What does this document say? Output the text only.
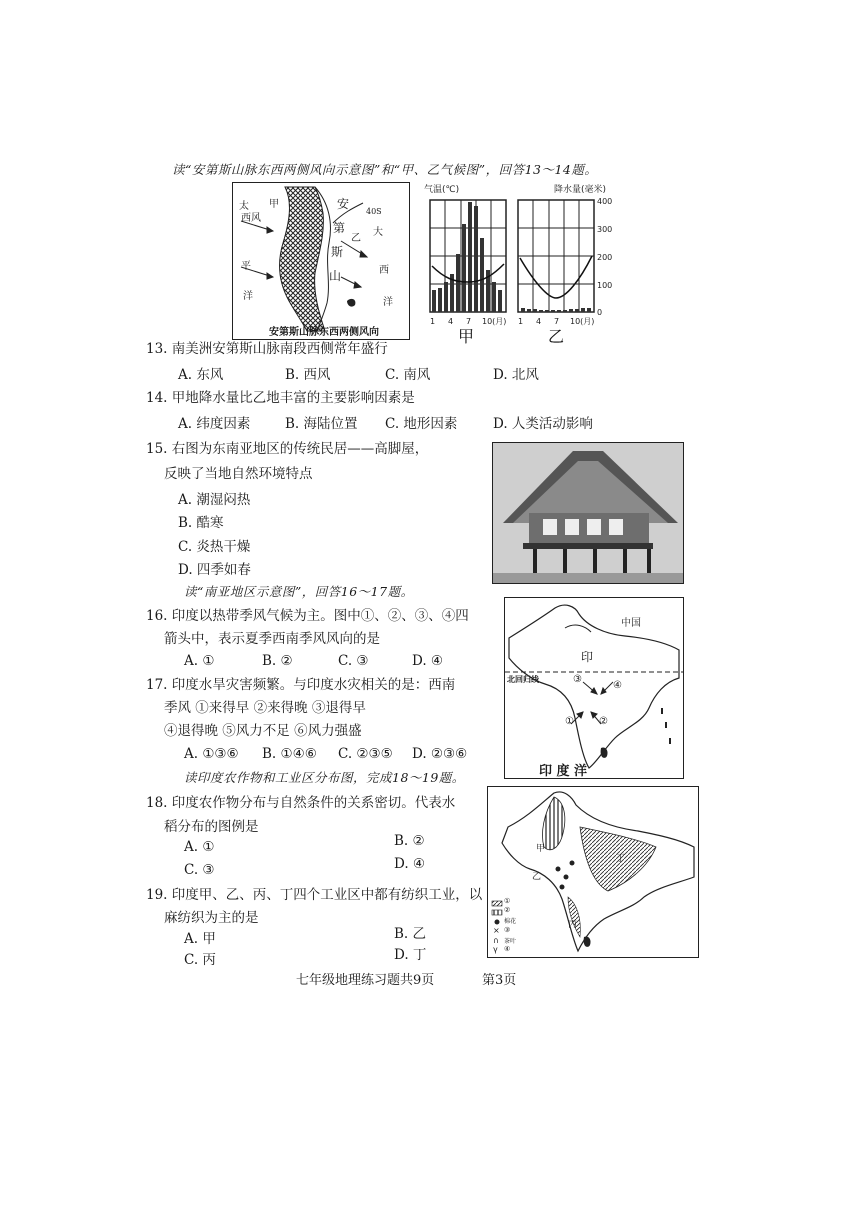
读“安第斯山脉东西两侧风向示意图”和“甲、乙气候图”，回答13～14题。
太 甲
西风
平
洋
安
40S
第
乙
大
斯
山	西
洋
安第斯山脉东西两侧风向
400
300
200
100
0
气温(℃)	降水量(毫米)
1 4 7 10(月) 1 4 7 10(月)
甲	乙
13. 南美洲安第斯山脉南段西侧常年盛行
A. 东风	B. 西风	C. 南风	D. 北风
14. 甲地降水量比乙地丰富的主要影响因素是
A. 纬度因素	B. 海陆位置 C. 地形因素	D. 人类活动影响
15. 右图为东南亚地区的传统民居——高脚屋，
反映了当地自然环境特点
A. 潮湿闷热
B. 酷寒
C. 炎热干燥
D. 四季如春
读“南亚地区示意图”，回答16～17题。
16. 印度以热带季风气候为主。图中①、②、③、④四
箭头中，表示夏季西南季风风向的是
A. ①	B. ②	C. ③	D. ④
17. 印度水旱灾害频繁。与印度水灾相关的是：西南
季风 ①来得早 ②来得晚 ③退得早
④退得晚 ⑤风力不足 ⑥风力强盛
A. ①③⑥ B. ①④⑥ C. ②③⑤ D. ②③⑥
中国
印
北回归线	③
④
①	②
印 度 洋
读印度农作物和工业区分布图，完成18～19题。
18. 印度农作物分布与自然条件的关系密切。代表水
稻分布的图例是
A. ①	B. ②
C. ③	D. ④
19. 印度甲、乙、丙、丁四个工业区中都有纺织工业，以
麻纺织为主的是
A. 甲	B. 乙
C. 丙	D. 丁
×
∩
γ
甲
乙
丙
丁
①
②
棉花
③
茶叶
④
七年级地理练习题共9页	第3页
